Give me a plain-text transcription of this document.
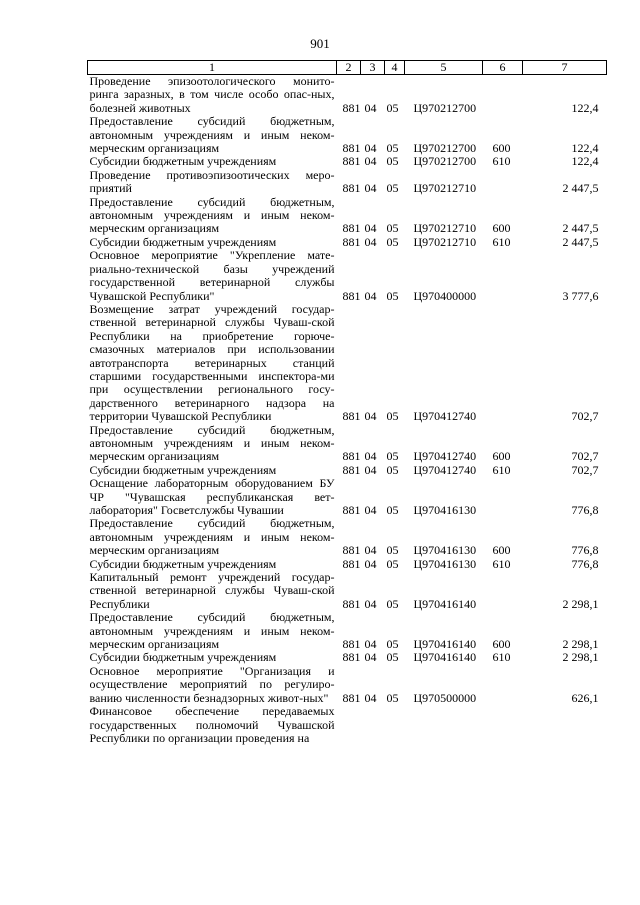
901
1	2	3	4	5	6	7
Проведение эпизоотологического монито-ринга заразных, в том числе особо опас-ных, болезней животных	881	04	05	Ц970212700		122,4
Предоставление субсидий бюджетным, автономным учреждениям и иным неком-мерческим организациям	881	04	05	Ц970212700	600	122,4
Субсидии бюджетным учреждениям	881	04	05	Ц970212700	610	122,4
Проведение противоэпизоотических меро-приятий	881	04	05	Ц970212710		2 447,5
Предоставление субсидий бюджетным, автономным учреждениям и иным неком-мерческим организациям	881	04	05	Ц970212710	600	2 447,5
Субсидии бюджетным учреждениям	881	04	05	Ц970212710	610	2 447,5
Основное мероприятие "Укрепление мате-риально-технической базы учреждений государственной ветеринарной службы Чувашской Республики"	881	04	05	Ц970400000		3 777,6
Возмещение затрат учреждений государ-ственной ветеринарной службы Чуваш-ской Республики на приобретение горюче-смазочных материалов при использовании автотранспорта ветеринарных станций старшими государственными инспектора-ми при осуществлении регионального госу-дарственного ветеринарного надзора на территории Чувашской Республики	881	04	05	Ц970412740		702,7
Предоставление субсидий бюджетным, автономным учреждениям и иным неком-мерческим организациям	881	04	05	Ц970412740	600	702,7
Субсидии бюджетным учреждениям	881	04	05	Ц970412740	610	702,7
Оснащение лабораторным оборудованием БУ ЧР "Чувашская республиканская вет-лаборатория" Госветслужбы Чувашии	881	04	05	Ц970416130		776,8
Предоставление субсидий бюджетным, автономным учреждениям и иным неком-мерческим организациям	881	04	05	Ц970416130	600	776,8
Субсидии бюджетным учреждениям	881	04	05	Ц970416130	610	776,8
Капитальный ремонт учреждений государ-ственной ветеринарной службы Чуваш-ской Республики	881	04	05	Ц970416140		2 298,1
Предоставление субсидий бюджетным, автономным учреждениям и иным неком-мерческим организациям	881	04	05	Ц970416140	600	2 298,1
Субсидии бюджетным учреждениям	881	04	05	Ц970416140	610	2 298,1
Основное мероприятие "Организация и осуществление мероприятий по регулиро-ванию численности безнадзорных живот-ных"	881	04	05	Ц970500000		626,1
Финансовое обеспечение передаваемых государственных полномочий Чувашской Республики по организации проведения на						
